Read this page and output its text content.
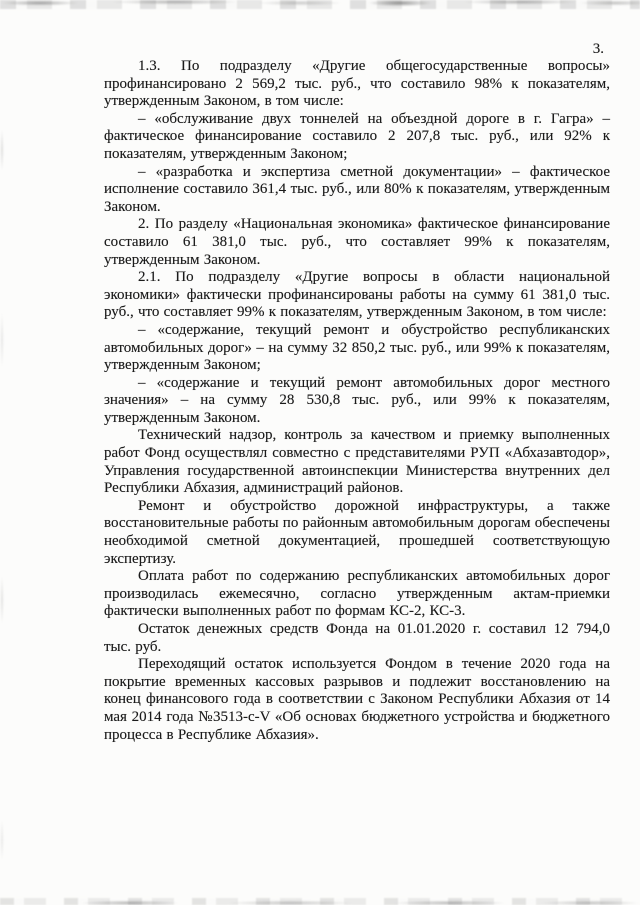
3.

1.3. По подразделу «Другие общегосударственные вопросы» профинансировано 2 569,2 тыс. руб., что составило 98% к показателям, утвержденным Законом, в том числе:

– «обслуживание двух тоннелей на объездной дороге в г. Гагра» – фактическое финансирование составило 2 207,8 тыс. руб., или 92% к показателям, утвержденным Законом;

– «разработка и экспертиза сметной документации» – фактическое исполнение составило 361,4 тыс. руб., или 80% к показателям, утвержденным Законом.

2. По разделу «Национальная экономика» фактическое финансирование составило 61 381,0 тыс. руб., что составляет 99% к показателям, утвержденным Законом.

2.1. По подразделу «Другие вопросы в области национальной экономики» фактически профинансированы работы на сумму 61 381,0 тыс. руб., что составляет 99% к показателям, утвержденным Законом, в том числе:

– «содержание, текущий ремонт и обустройство республиканских автомобильных дорог» – на сумму 32 850,2 тыс. руб., или 99% к показателям, утвержденным Законом;

– «содержание и текущий ремонт автомобильных дорог местного значения» – на сумму 28 530,8 тыс. руб., или 99% к показателям, утвержденным Законом.

Технический надзор, контроль за качеством и приемку выполненных работ Фонд осуществлял совместно с представителями РУП «Абхазавтодор», Управления государственной автоинспекции Министерства внутренних дел Республики Абхазия, администраций районов.

Ремонт и обустройство дорожной инфраструктуры, а также восстановительные работы по районным автомобильным дорогам обеспечены необходимой сметной документацией, прошедшей соответствующую экспертизу.

Оплата работ по содержанию республиканских автомобильных дорог производилась ежемесячно, согласно утвержденным актам-приемки фактически выполненных работ по формам КС-2, КС-3.

Остаток денежных средств Фонда на 01.01.2020 г. составил 12 794,0 тыс. руб.

Переходящий остаток используется Фондом в течение 2020 года на покрытие временных кассовых разрывов и подлежит восстановлению на конец финансового года в соответствии с Законом Республики Абхазия от 14 мая 2014 года №3513-с-V «Об основах бюджетного устройства и бюджетного процесса в Республике Абхазия».
